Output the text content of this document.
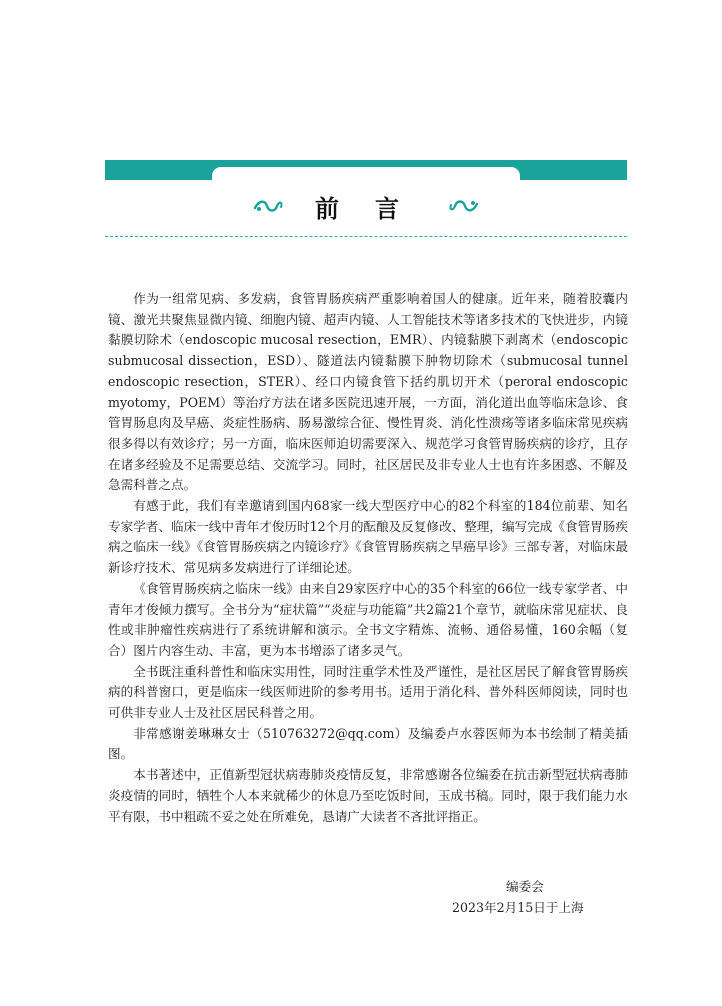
前言

作为一组常见病、多发病，食管胃肠疾病严重影响着国人的健康。近年来，随着胶囊内镜、激光共聚焦显微内镜、细胞内镜、超声内镜、人工智能技术等诸多技术的飞快进步，内镜黏膜切除术（endoscopic mucosal resection，EMR）、内镜黏膜下剥离术（endoscopic submucosal dissection，ESD）、隧道法内镜黏膜下肿物切除术（submucosal tunnel endoscopic resection，STER）、经口内镜食管下括约肌切开术（peroral endoscopic myotomy，POEM）等治疗方法在诸多医院迅速开展，一方面，消化道出血等临床急诊、食管胃肠息肉及早癌、炎症性肠病、肠易激综合征、慢性胃炎、消化性溃疡等诸多临床常见疾病很多得以有效诊疗；另一方面，临床医师迫切需要深入、规范学习食管胃肠疾病的诊疗，且存在诸多经验及不足需要总结、交流学习。同时，社区居民及非专业人士也有许多困惑、不解及急需科普之点。

有感于此，我们有幸邀请到国内68家一线大型医疗中心的82个科室的184位前辈、知名专家学者、临床一线中青年才俊历时12个月的酝酿及反复修改、整理，编写完成《食管胃肠疾病之临床一线》《食管胃肠疾病之内镜诊疗》《食管胃肠疾病之早癌早诊》三部专著，对临床最新诊疗技术、常见病多发病进行了详细论述。

《食管胃肠疾病之临床一线》由来自29家医疗中心的35个科室的66位一线专家学者、中青年才俊倾力撰写。全书分为“症状篇”“炎症与功能篇”共2篇21个章节，就临床常见症状、良性或非肿瘤性疾病进行了系统讲解和演示。全书文字精炼、流畅、通俗易懂，160余幅（复合）图片内容生动、丰富，更为本书增添了诸多灵气。

全书既注重科普性和临床实用性，同时注重学术性及严谨性，是社区居民了解食管胃肠疾病的科普窗口，更是临床一线医师进阶的参考用书。适用于消化科、普外科医师阅读，同时也可供非专业人士及社区居民科普之用。

非常感谢姜琳琳女士（510763272@qq.com）及编委卢水蓉医师为本书绘制了精美插图。

本书著述中，正值新型冠状病毒肺炎疫情反复，非常感谢各位编委在抗击新型冠状病毒肺炎疫情的同时，牺牲个人本来就稀少的休息乃至吃饭时间，玉成书稿。同时，限于我们能力水平有限，书中粗疏不妥之处在所难免，恳请广大读者不吝批评指正。

编委会
2023年2月15日于上海
